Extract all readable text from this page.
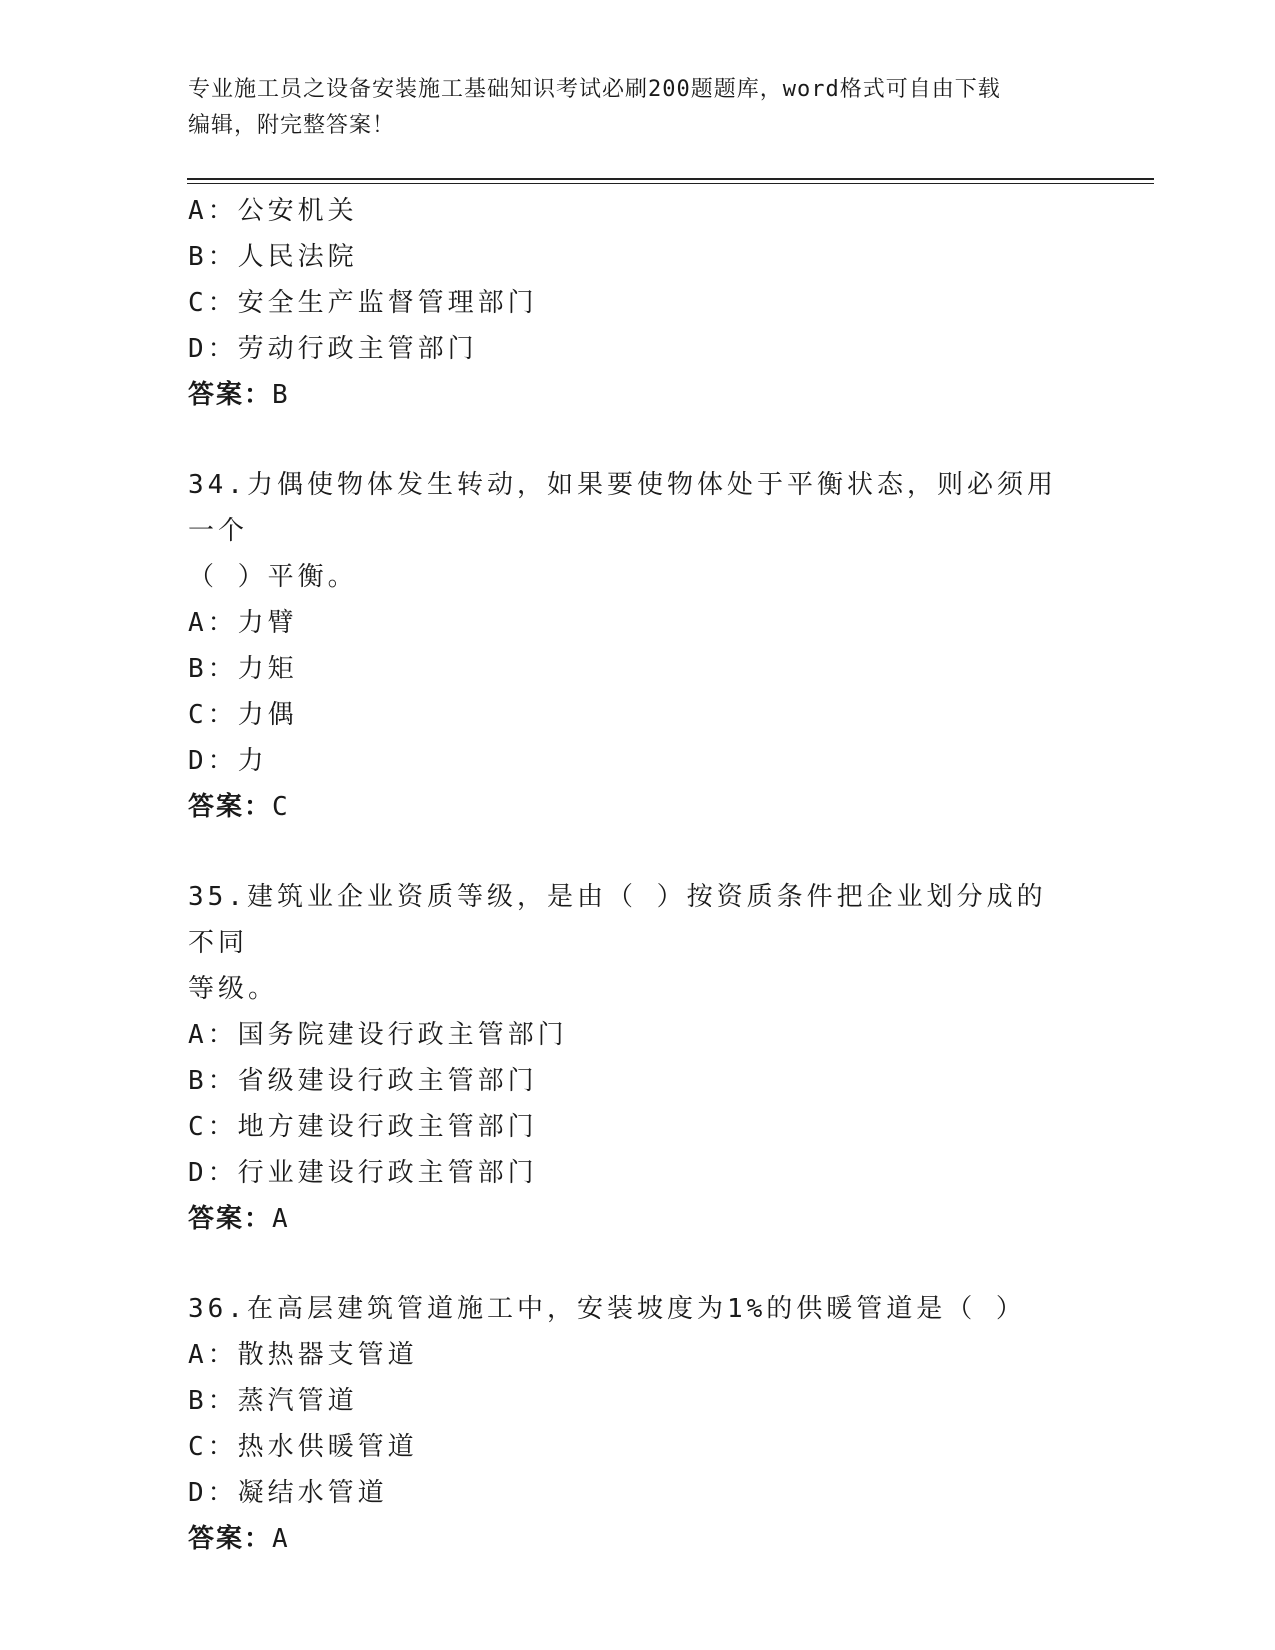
专业施工员之设备安装施工基础知识考试必刷200题题库，word格式可自由下载
编辑，附完整答案！
A：公安机关
B：人民法院
C：安全生产监督管理部门
D：劳动行政主管部门
答案：B
34.力偶使物体发生转动，如果要使物体处于平衡状态，则必须用一个
（ ）平衡。
A：力臂
B：力矩
C：力偶
D：力
答案：C
35.建筑业企业资质等级，是由（ ）按资质条件把企业划分成的不同
等级。
A：国务院建设行政主管部门
B：省级建设行政主管部门
C：地方建设行政主管部门
D：行业建设行政主管部门
答案：A
36.在高层建筑管道施工中，安装坡度为1%的供暖管道是（ ）
A：散热器支管道
B：蒸汽管道
C：热水供暖管道
D：凝结水管道
答案：A
